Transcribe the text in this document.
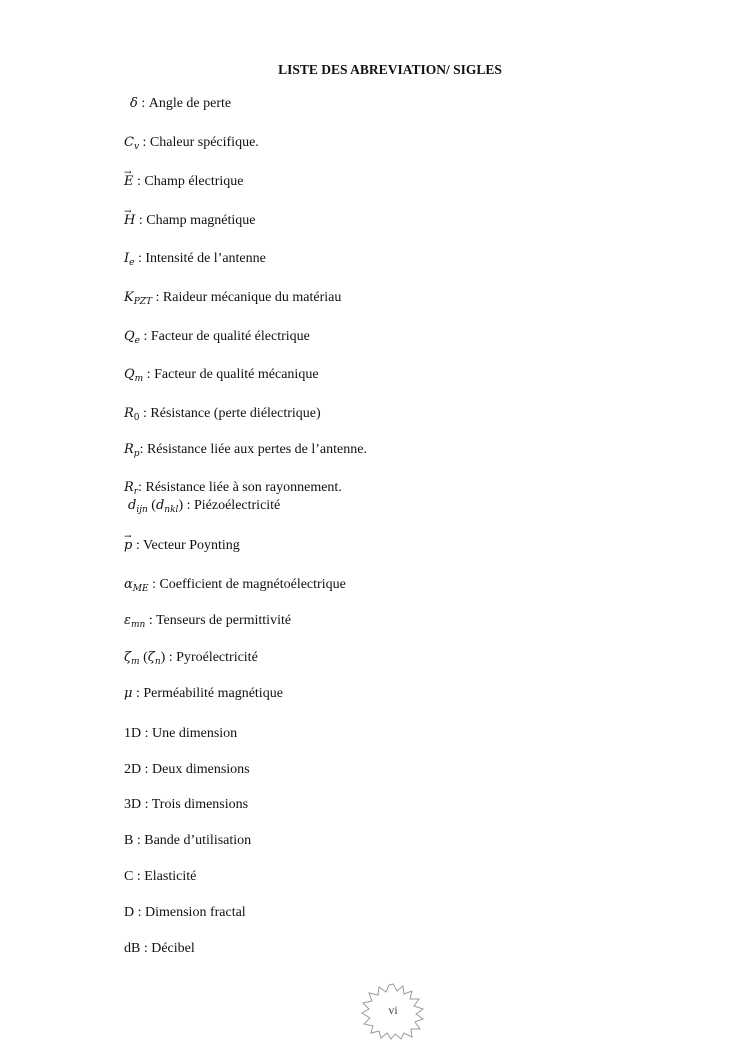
LISTE DES ABREVIATION/ SIGLES
δ : Angle de perte
$C_v$ : Chaleur spécifique.
→ E : Champ électrique
→ H : Champ magnétique
$I_e$ : Intensité de l’antenne
$K_{PZT}$ : Raideur mécanique du matériau
$Q_e$ : Facteur de qualité électrique
$Q_m$ : Facteur de qualité mécanique
$R_0$ : Résistance (perte diélectrique)
$R_p$: Résistance liée aux pertes de l’antenne.
$R_r$: Résistance liée à son rayonnement.
$d_{ijn}$ $(d_{nkl})$ : Piézoélectricité
→ p : Vecteur Poynting
$\alpha_{ME}$ : Coefficient de magnétoélectrique
$\varepsilon_{mn}$ : Tenseurs de permittivité
$\zeta_m$ $(\zeta_n)$ : Pyroélectricité
μ : Perméabilité magnétique
1D : Une dimension
2D : Deux dimensions
3D : Trois dimensions
B : Bande d’utilisation
C : Elasticité
D : Dimension fractal
dB : Décibel
vi
